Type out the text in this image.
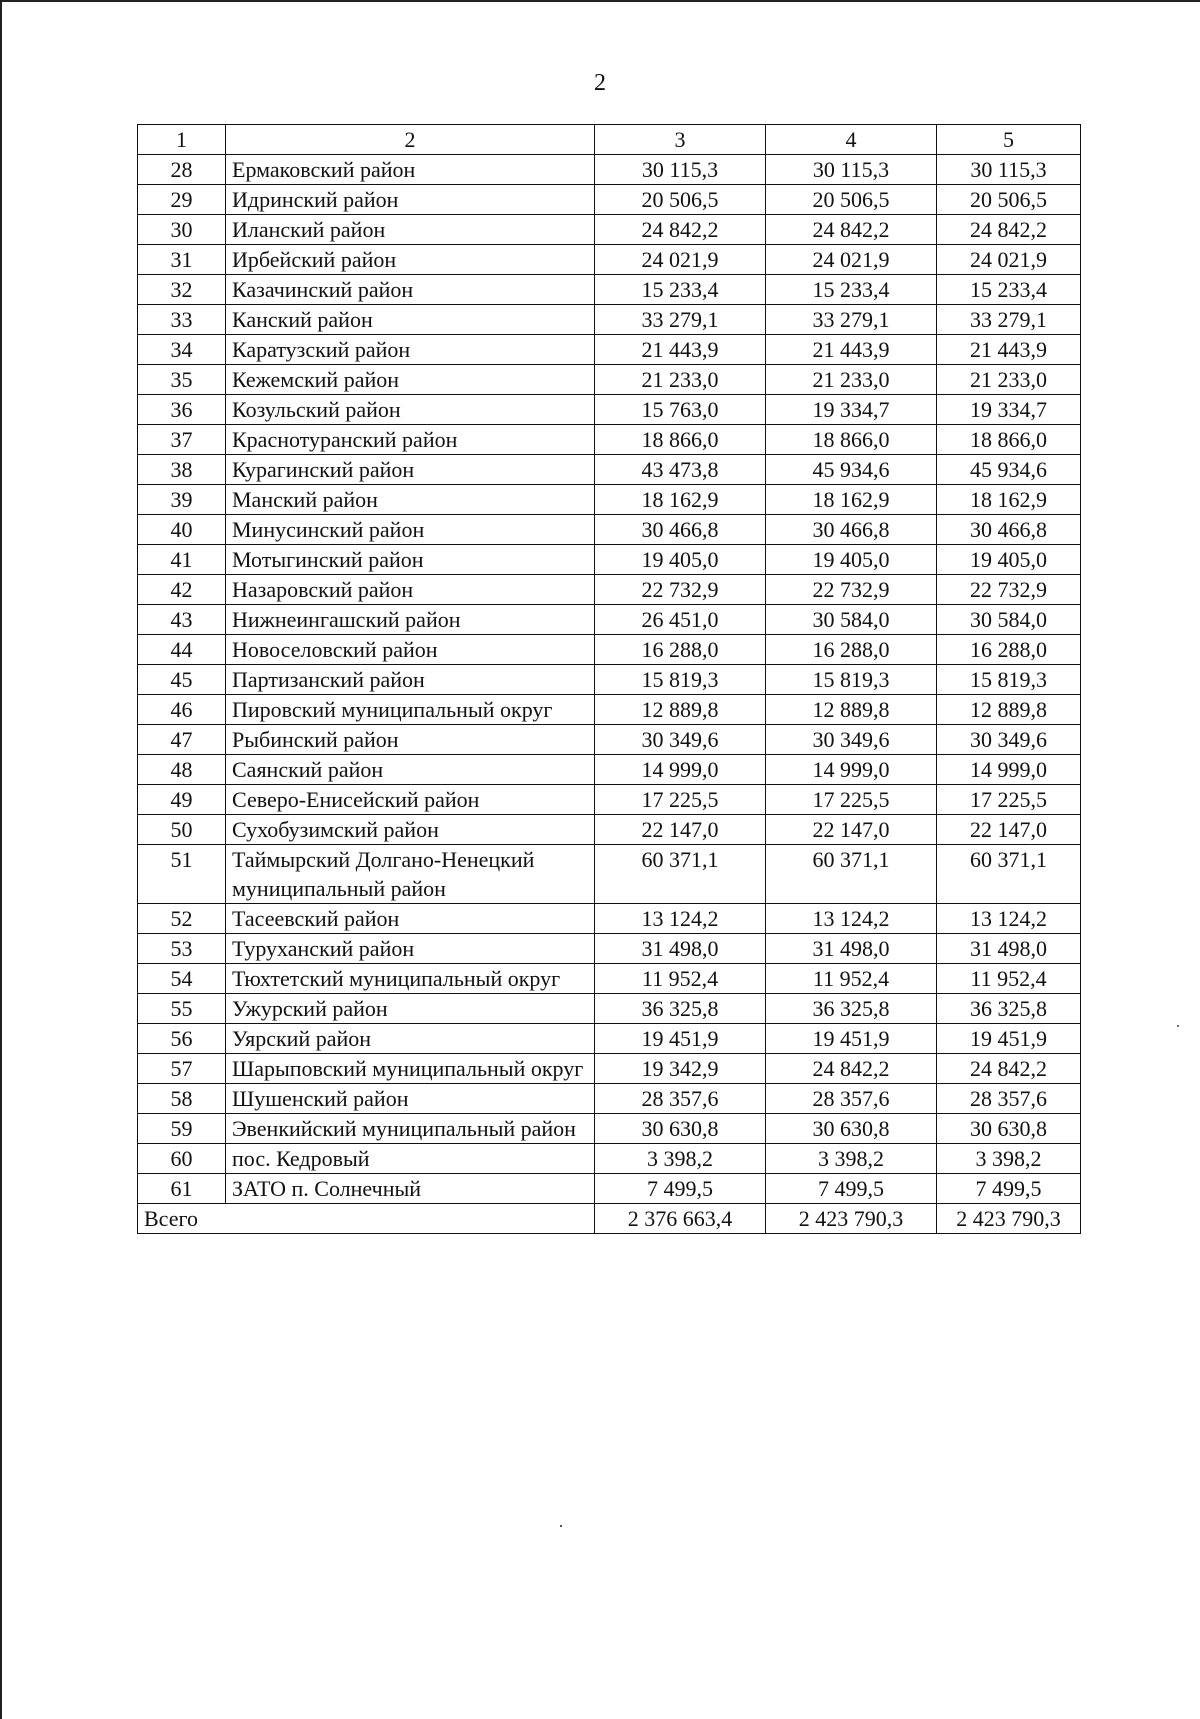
2
1	2	3	4	5
28	Ермаковский район	30 115,3	30 115,3	30 115,3
29	Идринский район	20 506,5	20 506,5	20 506,5
30	Иланский район	24 842,2	24 842,2	24 842,2
31	Ирбейский район	24 021,9	24 021,9	24 021,9
32	Казачинский район	15 233,4	15 233,4	15 233,4
33	Канский район	33 279,1	33 279,1	33 279,1
34	Каратузский район	21 443,9	21 443,9	21 443,9
35	Кежемский район	21 233,0	21 233,0	21 233,0
36	Козульский район	15 763,0	19 334,7	19 334,7
37	Краснотуранский район	18 866,0	18 866,0	18 866,0
38	Курагинский район	43 473,8	45 934,6	45 934,6
39	Манский район	18 162,9	18 162,9	18 162,9
40	Минусинский район	30 466,8	30 466,8	30 466,8
41	Мотыгинский район	19 405,0	19 405,0	19 405,0
42	Назаровский район	22 732,9	22 732,9	22 732,9
43	Нижнеингашский район	26 451,0	30 584,0	30 584,0
44	Новоселовский район	16 288,0	16 288,0	16 288,0
45	Партизанский район	15 819,3	15 819,3	15 819,3
46	Пировский муниципальный округ	12 889,8	12 889,8	12 889,8
47	Рыбинский район	30 349,6	30 349,6	30 349,6
48	Саянский район	14 999,0	14 999,0	14 999,0
49	Северо-Енисейский район	17 225,5	17 225,5	17 225,5
50	Сухобузимский район	22 147,0	22 147,0	22 147,0
51	Таймырский Долгано-Ненецкий муниципальный район	60 371,1	60 371,1	60 371,1
52	Тасеевский район	13 124,2	13 124,2	13 124,2
53	Туруханский район	31 498,0	31 498,0	31 498,0
54	Тюхтетский муниципальный округ	11 952,4	11 952,4	11 952,4
55	Ужурский район	36 325,8	36 325,8	36 325,8
56	Уярский район	19 451,9	19 451,9	19 451,9
57	Шарыповский муниципальный округ	19 342,9	24 842,2	24 842,2
58	Шушенский район	28 357,6	28 357,6	28 357,6
59	Эвенкийский муниципальный район	30 630,8	30 630,8	30 630,8
60	пос. Кедровый	3 398,2	3 398,2	3 398,2
61	ЗАТО п. Солнечный	7 499,5	7 499,5	7 499,5
Всего		2 376 663,4	2 423 790,3	2 423 790,3
